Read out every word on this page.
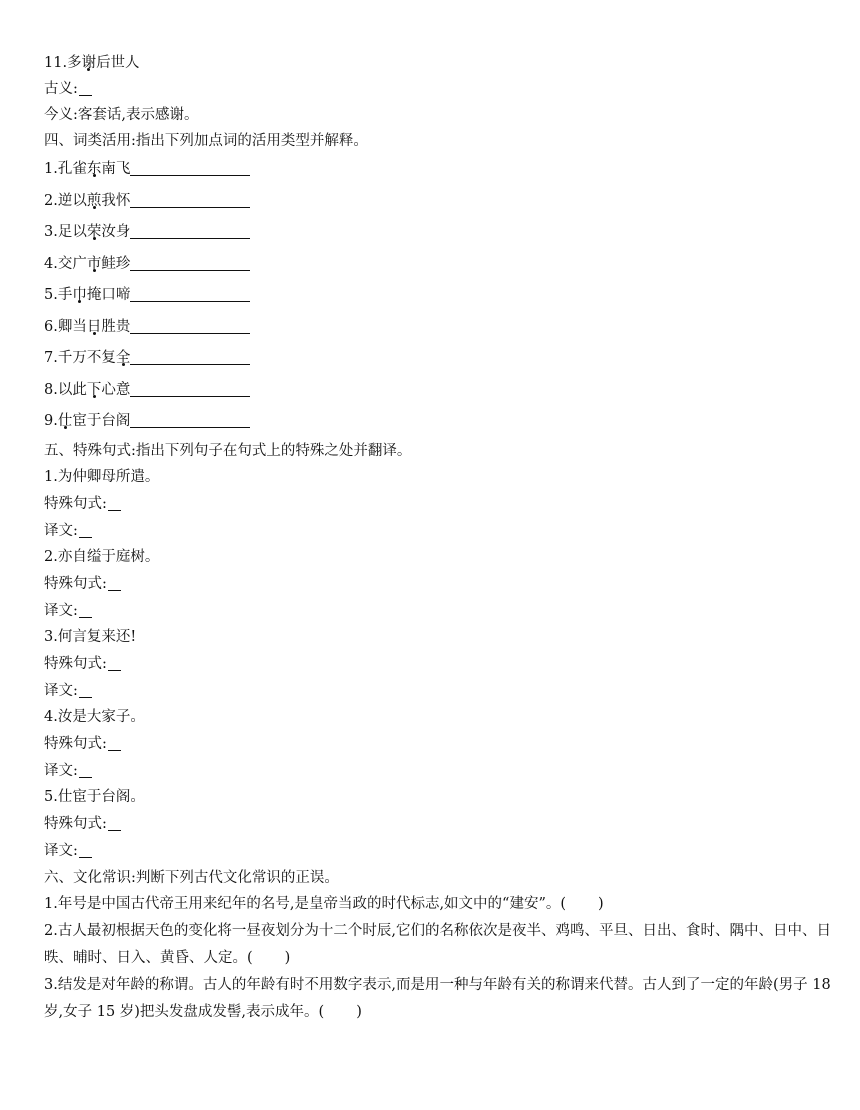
11.多谢后世人
古义:
今义:客套话,表示感谢。
四、词类活用:指出下列加点词的活用类型并解释。
1.孔雀东南飞
2.逆以煎我怀
3.足以荣汝身
4.交广市鲑珍
5.手巾掩口啼
6.卿当日胜贵
7.千万不复全
8.以此下心意
9.仕宦于台阁
五、特殊句式:指出下列句子在句式上的特殊之处并翻译。
1.为仲卿母所遣。
特殊句式:
译文:
2.亦自缢于庭树。
特殊句式:
译文:
3.何言复来还!
特殊句式:
译文:
4.汝是大家子。
特殊句式:
译文:
5.仕宦于台阁。
特殊句式:
译文:
六、文化常识:判断下列古代文化常识的正误。
1.年号是中国古代帝王用来纪年的名号,是皇帝当政的时代标志,如文中的“建安”。( )
2.古人最初根据天色的变化将一昼夜划分为十二个时辰,它们的名称依次是夜半、鸡鸣、平旦、日出、食时、隅中、日中、日昳、晡时、日入、黄昏、人定。( )
3.结发是对年龄的称谓。古人的年龄有时不用数字表示,而是用一种与年龄有关的称谓来代替。古人到了一定的年龄(男子 18 岁,女子 15 岁)把头发盘成发髻,表示成年。( )
